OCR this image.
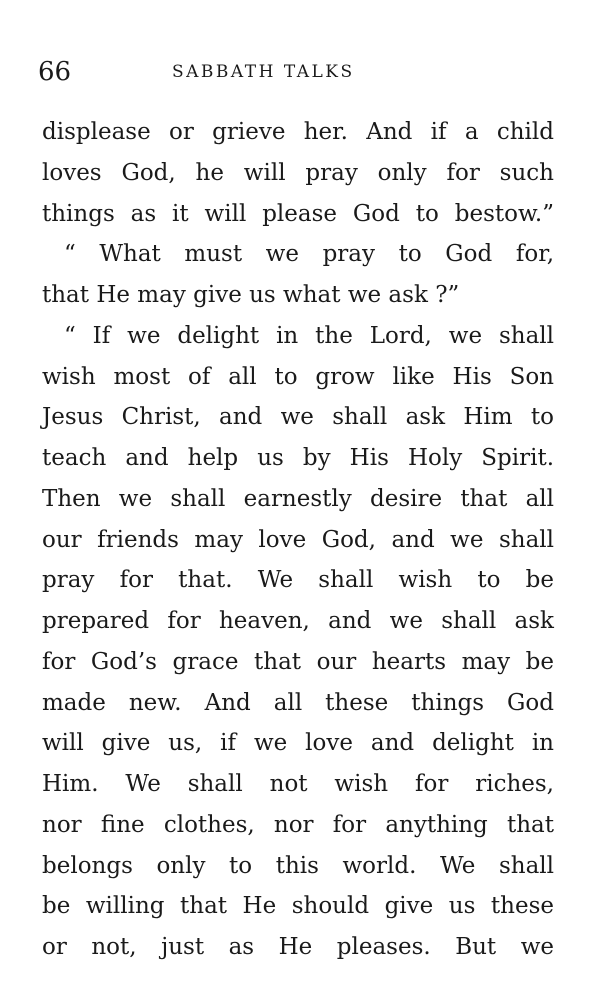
66	SABBATH TALKS
displease or grieve her. And if a child
loves God, he will pray only for such
things as it will please God to bestow.”
“ What must we pray to God for,
that He may give us what we ask ?”
“ If we delight in the Lord, we shall
wish most of all to grow like His Son
Jesus Christ, and we shall ask Him to
teach and help us by His Holy Spirit.
Then we shall earnestly desire that all
our friends may love God, and we shall
pray for that. We shall wish to be
prepared for heaven, and we shall ask
for God’s grace that our hearts may be
made new. And all these things God
will give us, if we love and delight in
Him. We shall not wish for riches,
nor fine clothes, nor for anything that
belongs only to this world. We shall
be willing that He should give us these
or not, just as He pleases. But we
